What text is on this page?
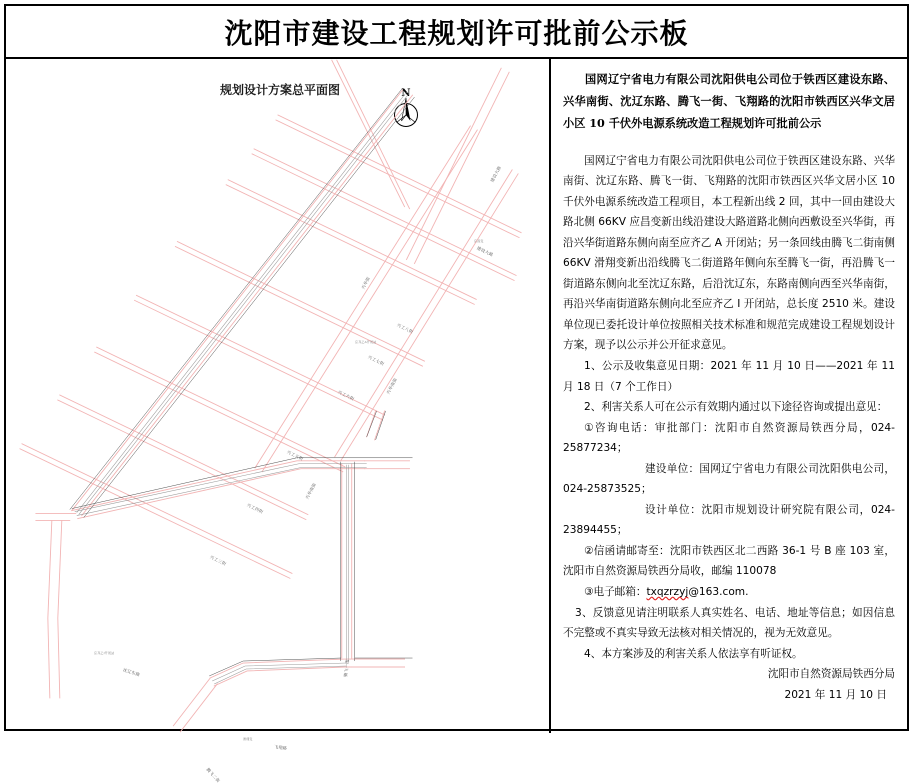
沈阳市建设工程规划许可批前公示板
规划设计方案总平面图	N
建设大路
建设大路
兴工八街
兴华街
兴工七街
兴工六街
兴华南街
兴工五街
兴工四街
兴华南街
兴工三街
沈辽东路	腾飞一街
飞翔路
腾飞二街
应齐乙A开闭站
应齐乙I开闭站
应昌变
滑翔变

国网辽宁省电力有限公司沈阳供电公司位于铁西区建设东路、兴华南街、沈辽东路、腾飞一街、飞翔路的沈阳市铁西区兴华文居小区 10 千伏外电源系统改造工程规划许可批前公示

国网辽宁省电力有限公司沈阳供电公司位于铁西区建设东路、兴华南街、沈辽东路、腾飞一街、飞翔路的沈阳市铁西区兴华文居小区 10 千伏外电源系统改造工程项目，本工程新出线 2 回，其中一回由建设大路北侧 66KV 应昌变新出线沿建设大路道路北侧向西敷设至兴华街，再沿兴华街道路东侧向南至应齐乙 A 开闭站；另一条回线由腾飞二街南侧 66KV 滑翔变新出沿线腾飞二街道路年侧向东至腾飞一街，再沿腾飞一街道路东侧向北至沈辽东路，后沿沈辽东，东路南侧向西至兴华南街，再沿兴华南街道路东侧向北至应齐乙 I 开闭站，总长度 2510 米。建设单位现已委托设计单位按照相关技术标准和规范完成建设工程规划设计方案，现予以公示并公开征求意见。

1、公示及收集意见日期：2021 年 11 月 10 日——2021 年 11 月 18 日（7 个工作日）

2、利害关系人可在公示有效期内通过以下途径咨询或提出意见：

①咨询电话：审批部门：沈阳市自然资源局铁西分局，024-25877234；

建设单位：国网辽宁省电力有限公司沈阳供电公司，024-25873525；

设计单位：沈阳市规划设计研究院有限公司，024-23894455；

②信函请邮寄至：沈阳市铁西区北二西路 36-1 号 B 座 103 室，沈阳市自然资源局铁西分局收，邮编 110078

③电子邮箱：txqzrzyj@163.com.

3、反馈意见请注明联系人真实姓名、电话、地址等信息；如因信息不完整或不真实导致无法核对相关情况的，视为无效意见。

4、本方案涉及的利害关系人依法享有听证权。

沈阳市自然资源局铁西分局

2021 年 11 月 10 日
